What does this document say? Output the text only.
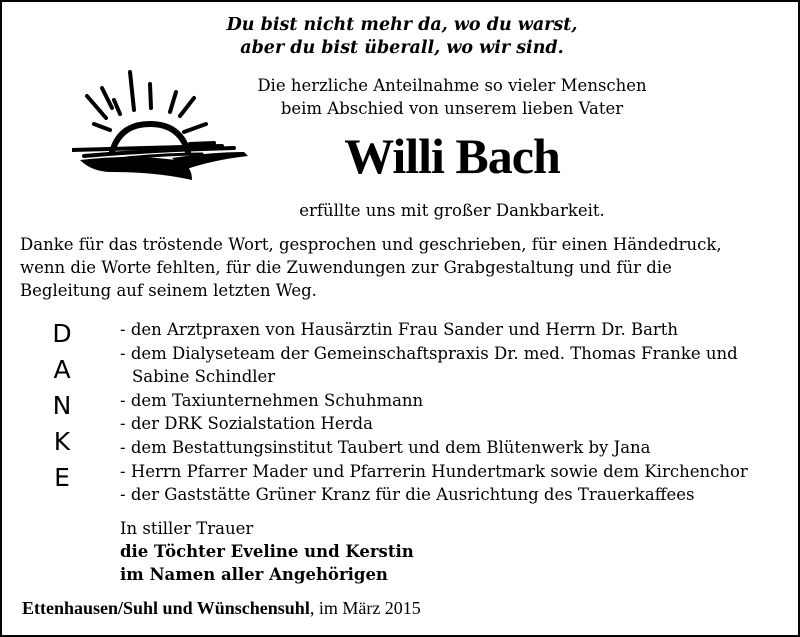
Du bist nicht mehr da, wo du warst,
aber du bist überall, wo wir sind.
Die herzliche Anteilnahme so vieler Menschen
beim Abschied von unserem lieben Vater
Willi Bach
erfüllte uns mit großer Dankbarkeit.
Danke für das tröstende Wort, gesprochen und geschrieben, für einen Händedruck,
wenn die Worte fehlten, für die Zuwendungen zur Grabgestaltung und für die
Begleitung auf seinem letzten Weg.
D
A
N
K
E
- den Arztpraxen von Hausärztin Frau Sander und Herrn Dr. Barth
- dem Dialyseteam der Gemeinschaftspraxis Dr. med. Thomas Franke und
Sabine Schindler
- dem Taxiunternehmen Schuhmann
- der DRK Sozialstation Herda
- dem Bestattungsinstitut Taubert und dem Blütenwerk by Jana
- Herrn Pfarrer Mader und Pfarrerin Hundertmark sowie dem Kirchenchor
- der Gaststätte Grüner Kranz für die Ausrichtung des Trauerkaffees
In stiller Trauer
die Töchter Eveline und Kerstin
im Namen aller Angehörigen
Ettenhausen/Suhl und Wünschensuhl, im März 2015
